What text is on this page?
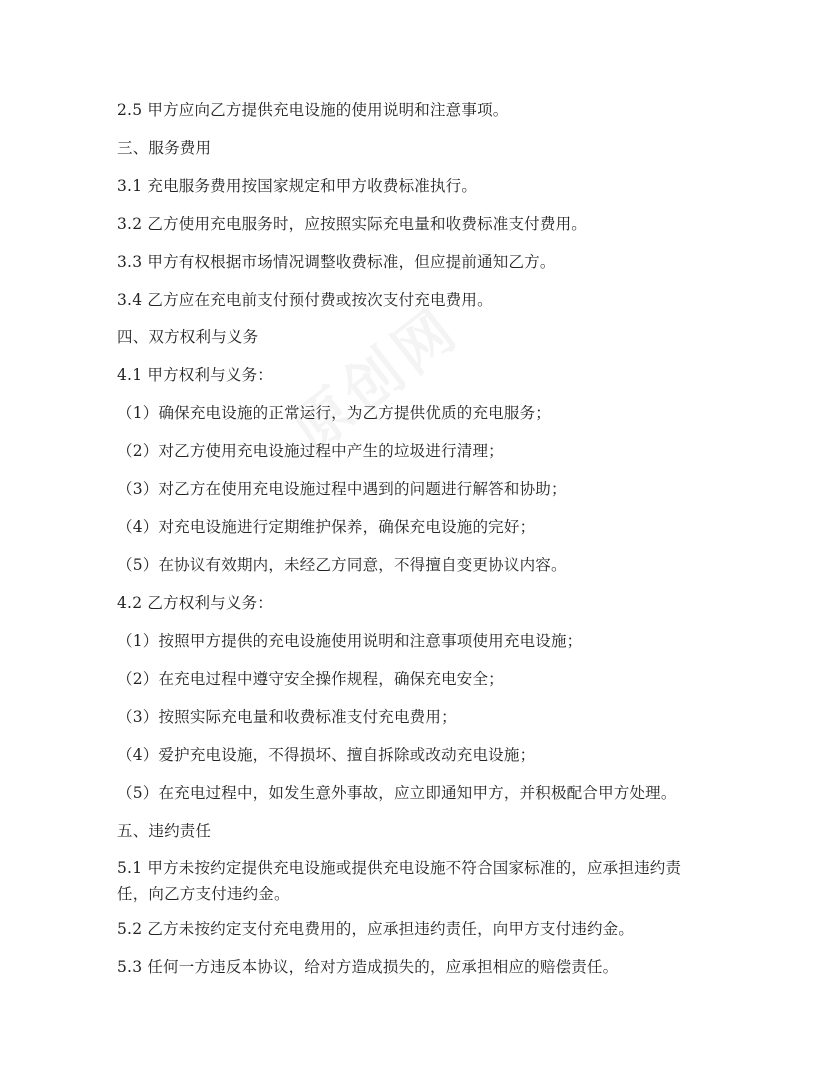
2.5 甲方应向乙方提供充电设施的使用说明和注意事项。
三、服务费用
3.1 充电服务费用按国家规定和甲方收费标准执行。
3.2 乙方使用充电服务时，应按照实际充电量和收费标准支付费用。
3.3 甲方有权根据市场情况调整收费标准，但应提前通知乙方。
3.4 乙方应在充电前支付预付费或按次支付充电费用。
四、双方权利与义务
4.1 甲方权利与义务：
（1）确保充电设施的正常运行，为乙方提供优质的充电服务；
（2）对乙方使用充电设施过程中产生的垃圾进行清理；
（3）对乙方在使用充电设施过程中遇到的问题进行解答和协助；
（4）对充电设施进行定期维护保养，确保充电设施的完好；
（5）在协议有效期内，未经乙方同意，不得擅自变更协议内容。
4.2 乙方权利与义务：
（1）按照甲方提供的充电设施使用说明和注意事项使用充电设施；
（2）在充电过程中遵守安全操作规程，确保充电安全；
（3）按照实际充电量和收费标准支付充电费用；
（4）爱护充电设施，不得损坏、擅自拆除或改动充电设施；
（5）在充电过程中，如发生意外事故，应立即通知甲方，并积极配合甲方处理。
五、违约责任
5.1 甲方未按约定提供充电设施或提供充电设施不符合国家标准的，应承担违约责任，向乙方支付违约金。
5.2 乙方未按约定支付充电费用的，应承担违约责任，向甲方支付违约金。
5.3 任何一方违反本协议，给对方造成损失的，应承担相应的赔偿责任。
